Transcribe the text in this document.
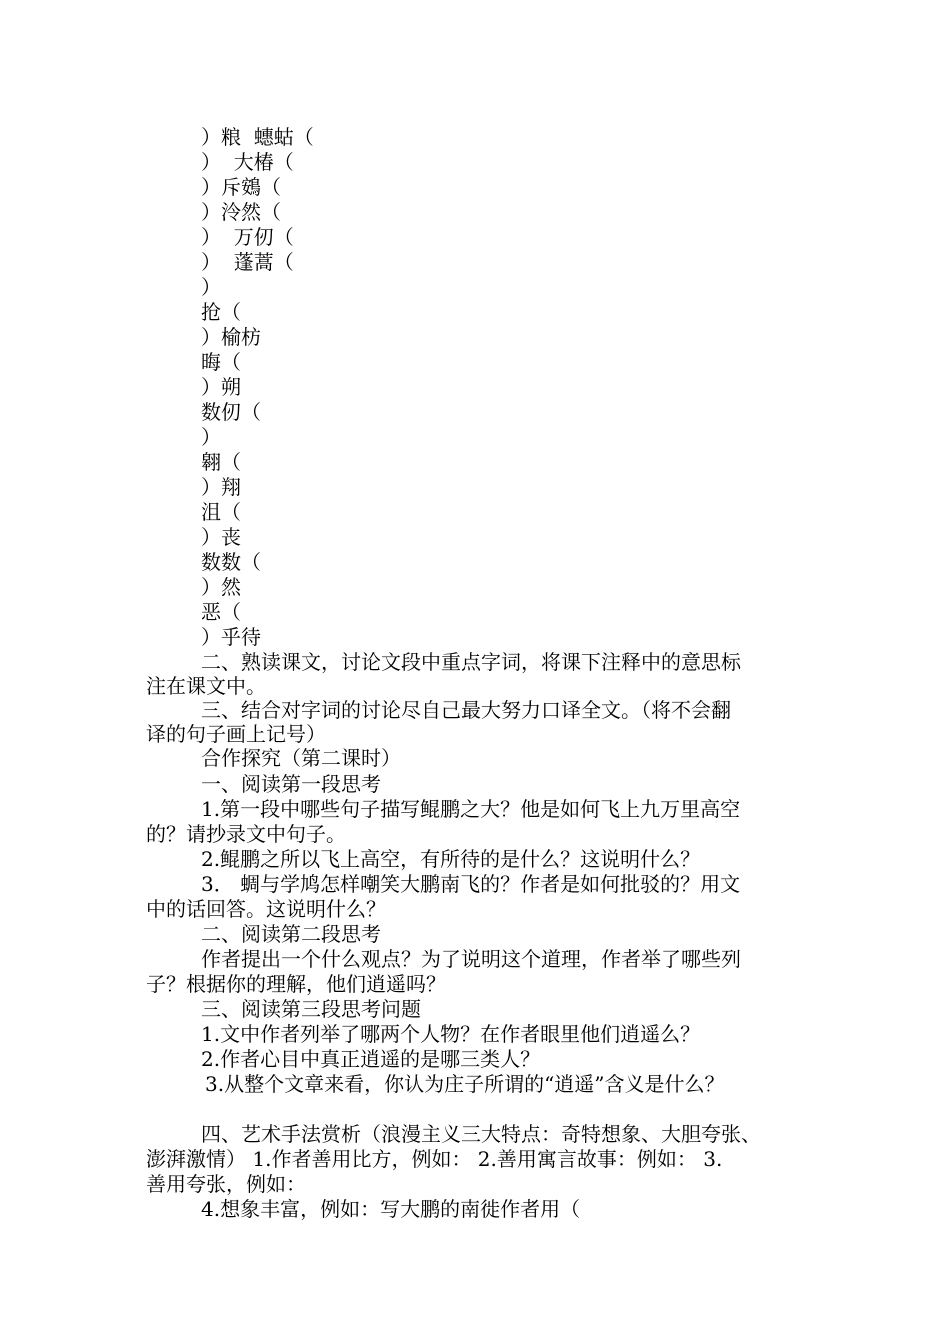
）粮  蟪蛄（
）  大椿（
）斥鴳（
）泠然（
）  万仞（
）  蓬蒿（
）
抢（
）榆枋
晦（
）朔
数仞（
）
翱（
）翔
沮（
）丧
数数（
）然
恶（
）乎待
二、熟读课文，讨论文段中重点字词，将课下注释中的意思标
注在课文中。
三、结合对字词的讨论尽自己最大努力口译全文。（将不会翻
译的句子画上记号）
合作探究（第二课时）
一、阅读第一段思考
1.第一段中哪些句子描写鲲鹏之大？他是如何飞上九万里高空
的？请抄录文中句子。
2.鲲鹏之所以飞上高空，有所待的是什么？这说明什么？
3． 蜩与学鸠怎样嘲笑大鹏南飞的？作者是如何批驳的？用文
中的话回答。这说明什么？
二、阅读第二段思考
作者提出一个什么观点？为了说明这个道理，作者举了哪些列
子？根据你的理解，他们逍遥吗？
三、阅读第三段思考问题
1.文中作者列举了哪两个人物？在作者眼里他们逍遥么？
2.作者心目中真正逍遥的是哪三类人？
3.从整个文章来看，你认为庄子所谓的“逍遥”含义是什么？
四、艺术手法赏析（浪漫主义三大特点：奇特想象、大胆夸张、
澎湃激情） 1.作者善用比方，例如： 2.善用寓言故事：例如： 3.
善用夸张，例如：
4.想象丰富，例如：写大鹏的南徙作者用（
